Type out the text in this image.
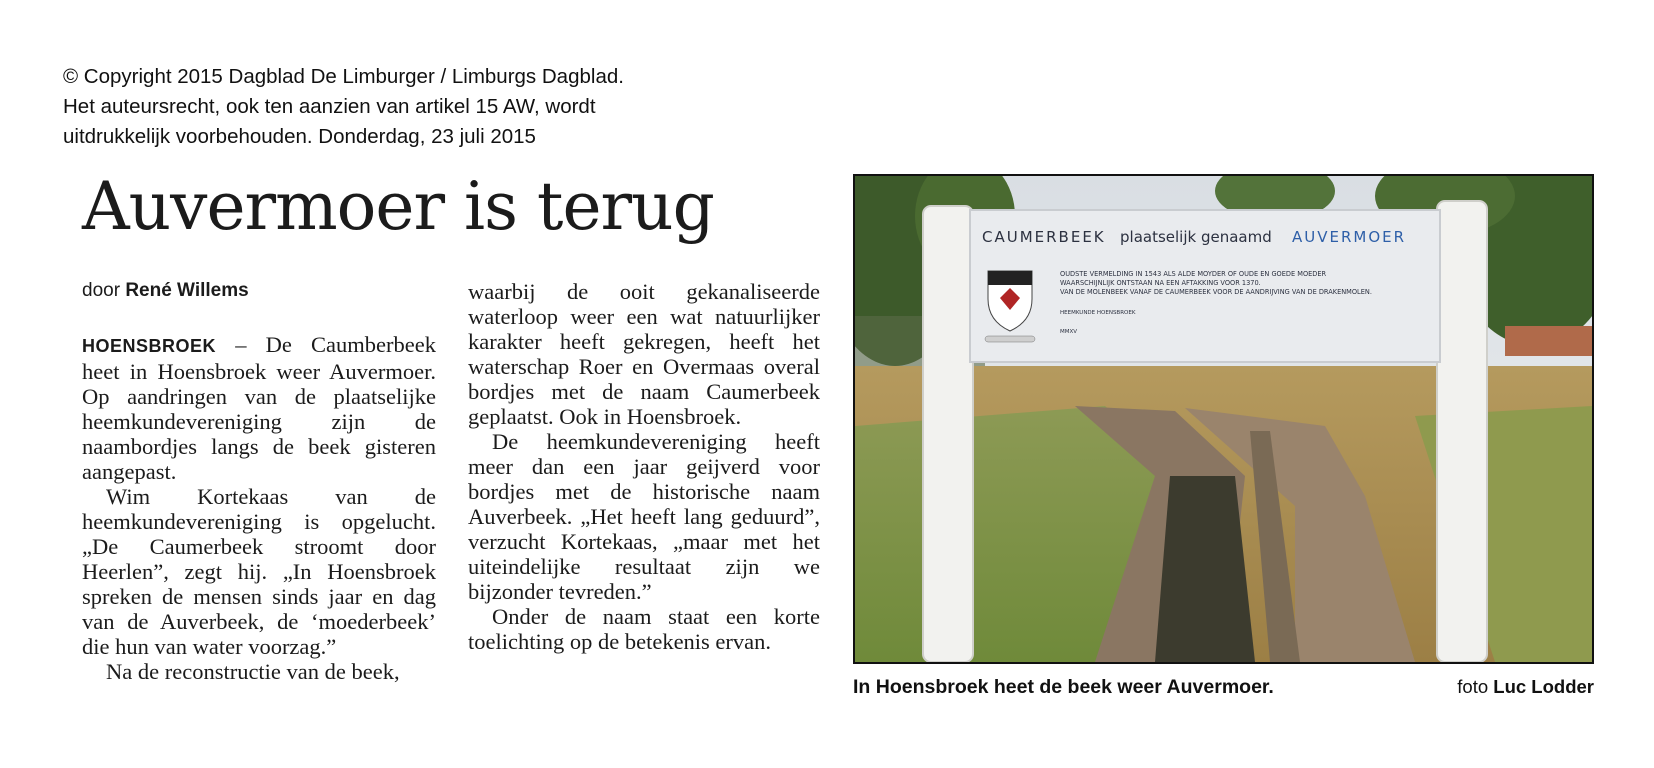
© Copyright 2015 Dagblad De Limburger / Limburgs Dagblad.
Het auteursrecht, ook ten aanzien van artikel 15 AW, wordt
uitdrukkelijk voorbehouden. Donderdag, 23 juli 2015
Auvermoer is terug
door René Willems

HOENSBROEK – De Caumberbeek heet in Hoensbroek weer Auvermoer. Op aandringen van de plaatselijke heemkundevereniging zijn de naambordjes langs de beek gisteren aangepast.

Wim Kortekaas van de heemkundevereniging is opgelucht. „De Caumerbeek stroomt door Heerlen”, zegt hij. „In Hoensbroek spreken de mensen sinds jaar en dag van de Auverbeek, de ‘moederbeek’ die hun van water voorzag.”

Na de reconstructie van de beek,

waarbij de ooit gekanaliseerde waterloop weer een wat natuurlijker karakter heeft gekregen, heeft het waterschap Roer en Overmaas overal bordjes met de naam Caumerbeek geplaatst. Ook in Hoensbroek.

De heemkundevereniging heeft meer dan een jaar geijverd voor bordjes met de historische naam Auverbeek. „Het heeft lang geduurd”, verzucht Kortekaas, „maar met het uiteindelijke resultaat zijn we bijzonder tevreden.”

Onder de naam staat een korte toelichting op de betekenis ervan.

CAUMERBEEK plaatselijk genaamd AUVERMOER
OUDSTE VERMELDING IN 1543 ALS ALDE MOYDER OF OUDE EN GOEDE MOEDER
WAARSCHIJNLIJK ONTSTAAN NA EEN AFTAKKING VOOR 1370.
VAN DE MOLENBEEK VANAF DE CAUMERBEEK VOOR DE AANDRIJVING VAN DE DRAKENMOLEN.
HEEMKUNDE HOENSBROEK
MMXV
In Hoensbroek heet de beek weer Auvermoer.	foto Luc Lodder
